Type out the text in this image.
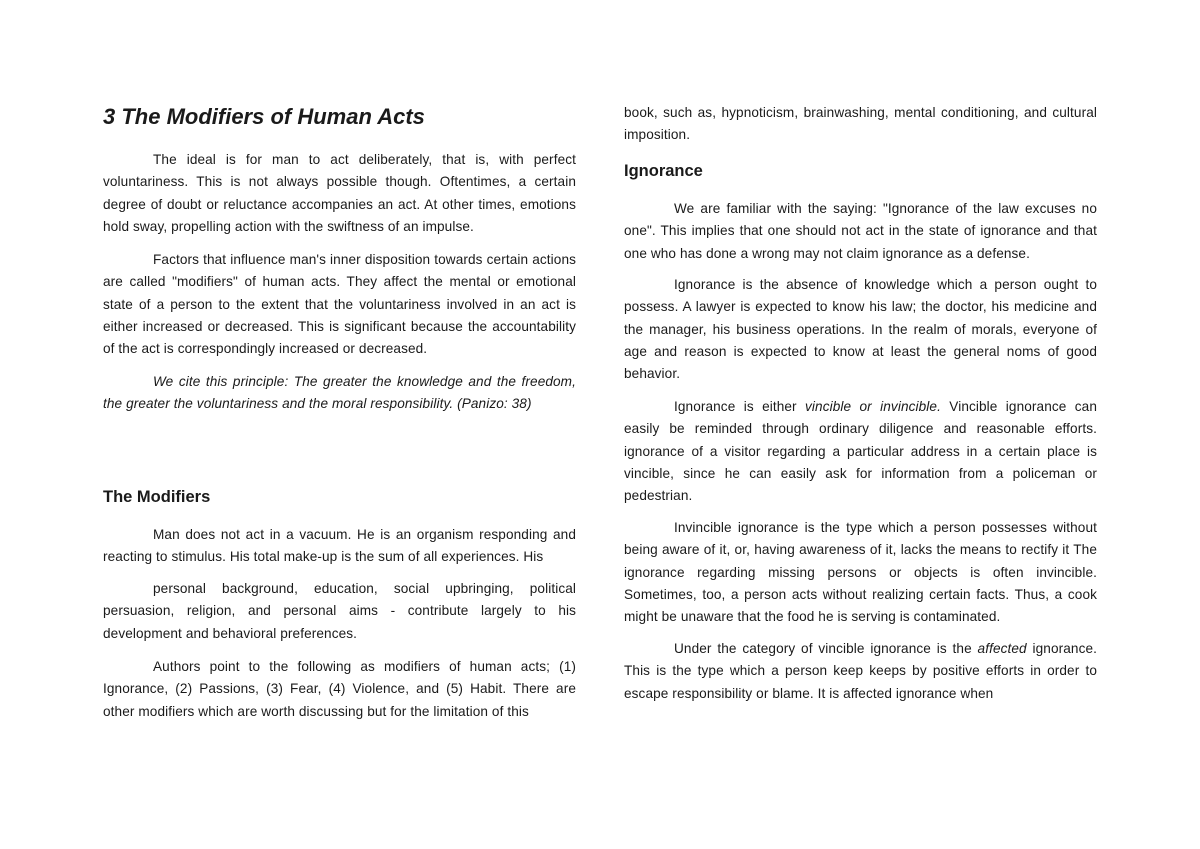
3 The Modifiers of Human Acts

The ideal is for man to act deliberately, that is, with perfect voluntariness. This is not always possible though. Oftentimes, a certain degree of doubt or reluctance accompanies an act. At other times, emotions hold sway, propelling action with the swiftness of an impulse.

Factors that influence man's inner disposition towards certain actions are called "modifiers" of human acts. They affect the mental or emotional state of a person to the extent that the voluntariness involved in an act is either increased or decreased. This is significant because the accountability of the act is correspondingly increased or decreased.

We cite this principle: The greater the knowledge and the freedom, the greater the voluntariness and the moral responsibility. (Panizo: 38)

The Modifiers

Man does not act in a vacuum. He is an organism responding and reacting to stimulus. His total make-up is the sum of all experiences. His

personal background, education, social upbringing, political persuasion, religion, and personal aims - contribute largely to his development and behavioral preferences.

Authors point to the following as modifiers of human acts; (1) Ignorance, (2) Passions, (3) Fear, (4) Violence, and (5) Habit. There are other modifiers which are worth discussing but for the limitation of this

book, such as, hypnoticism, brainwashing, mental conditioning, and cultural imposition.

Ignorance

We are familiar with the saying: "Ignorance of the law excuses no one". This implies that one should not act in the state of ignorance and that one who has done a wrong may not claim ignorance as a defense.

Ignorance is the absence of knowledge which a person ought to possess. A lawyer is expected to know his law; the doctor, his medicine and the manager, his business operations. In the realm of morals, everyone of age and reason is expected to know at least the general noms of good behavior.

Ignorance is either vincible or invincible. Vincible ignorance can easily be reminded through ordinary diligence and reasonable efforts. ignorance of a visitor regarding a particular address in a certain place is vincible, since he can easily ask for information from a policeman or pedestrian.

Invincible ignorance is the type which a person possesses without being aware of it, or, having awareness of it, lacks the means to rectify it The ignorance regarding missing persons or objects is often invincible. Sometimes, too, a person acts without realizing certain facts. Thus, a cook might be unaware that the food he is serving is contaminated.

Under the category of vincible ignorance is the affected ignorance. This is the type which a person keep keeps by positive efforts in order to escape responsibility or blame. It is affected ignorance when
